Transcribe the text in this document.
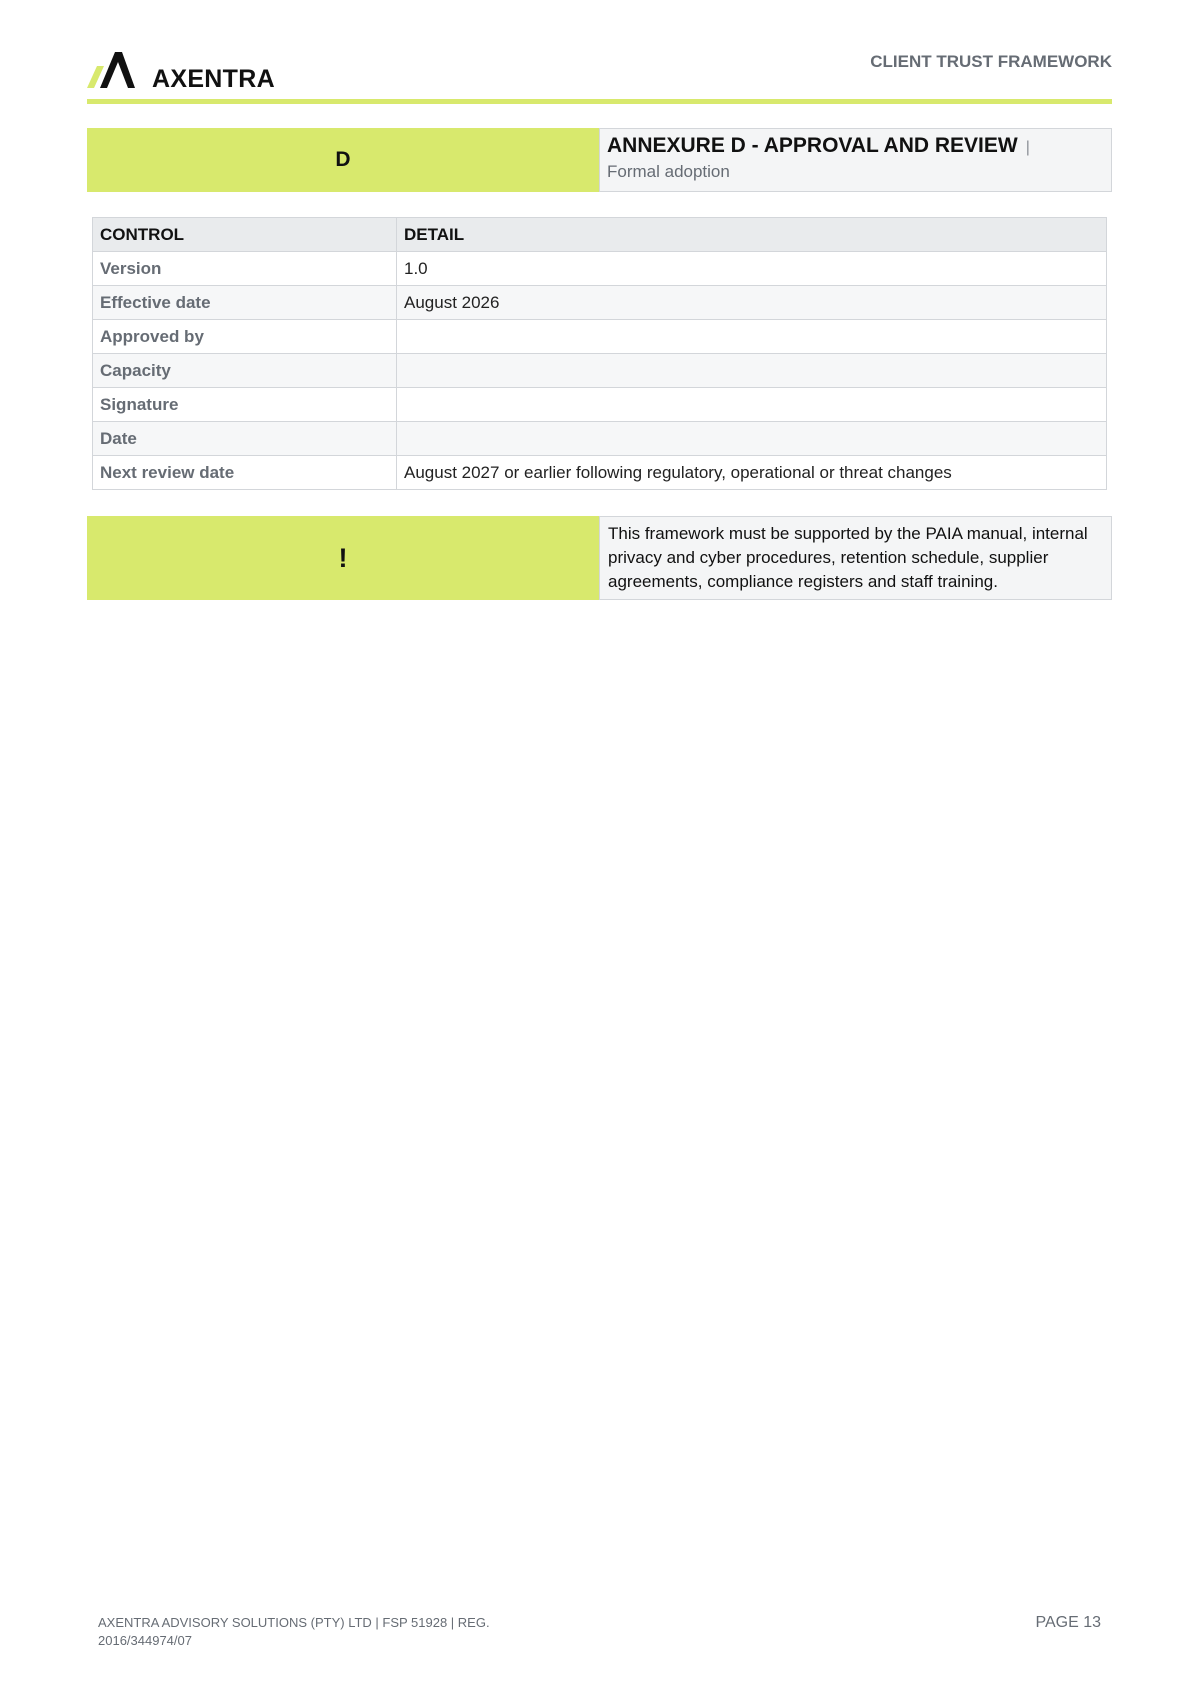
AXENTRA
CLIENT TRUST FRAMEWORK
D
ANNEXURE D - APPROVAL AND REVIEW |
Formal adoption
CONTROL	DETAIL
Version	1.0
Effective date	August 2026
Approved by	
Capacity	
Signature	
Date	
Next review date	August 2027 or earlier following regulatory, operational or threat changes
!
This framework must be supported by the PAIA manual, internal privacy and cyber procedures, retention schedule, supplier agreements, compliance registers and staff training.
AXENTRA ADVISORY SOLUTIONS (PTY) LTD | FSP 51928 | REG. 2016/344974/07
PAGE 13
